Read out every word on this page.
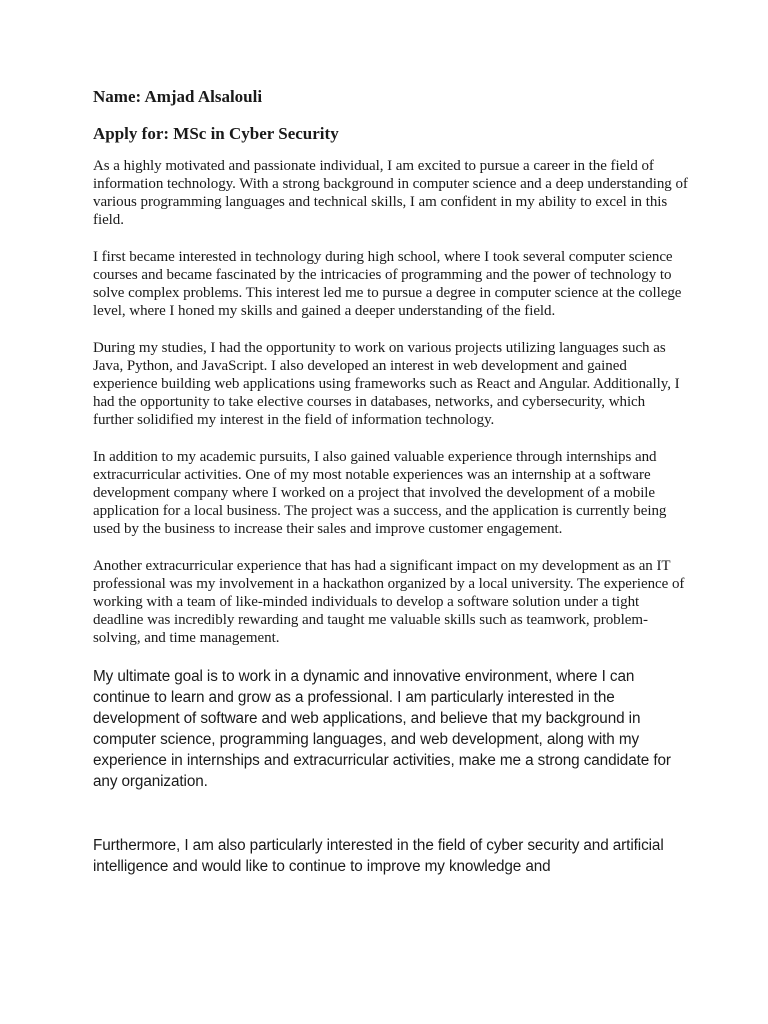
Name: Amjad Alsalouli

Apply for: MSc in Cyber Security

As a highly motivated and passionate individual, I am excited to pursue a career in the field of information technology. With a strong background in computer science and a deep understanding of various programming languages and technical skills, I am confident in my ability to excel in this field.

I first became interested in technology during high school, where I took several computer science courses and became fascinated by the intricacies of programming and the power of technology to solve complex problems. This interest led me to pursue a degree in computer science at the college level, where I honed my skills and gained a deeper understanding of the field.

During my studies, I had the opportunity to work on various projects utilizing languages such as Java, Python, and JavaScript. I also developed an interest in web development and gained experience building web applications using frameworks such as React and Angular. Additionally, I had the opportunity to take elective courses in databases, networks, and cybersecurity, which further solidified my interest in the field of information technology.

In addition to my academic pursuits, I also gained valuable experience through internships and extracurricular activities. One of my most notable experiences was an internship at a software development company where I worked on a project that involved the development of a mobile application for a local business. The project was a success, and the application is currently being used by the business to increase their sales and improve customer engagement.

Another extracurricular experience that has had a significant impact on my development as an IT professional was my involvement in a hackathon organized by a local university. The experience of working with a team of like-minded individuals to develop a software solution under a tight deadline was incredibly rewarding and taught me valuable skills such as teamwork, problem-solving, and time management.

My ultimate goal is to work in a dynamic and innovative environment, where I can continue to learn and grow as a professional. I am particularly interested in the development of software and web applications, and believe that my background in computer science, programming languages, and web development, along with my experience in internships and extracurricular activities, make me a strong candidate for any organization.

Furthermore, I am also particularly interested in the field of cyber security and artificial intelligence and would like to continue to improve my knowledge and
